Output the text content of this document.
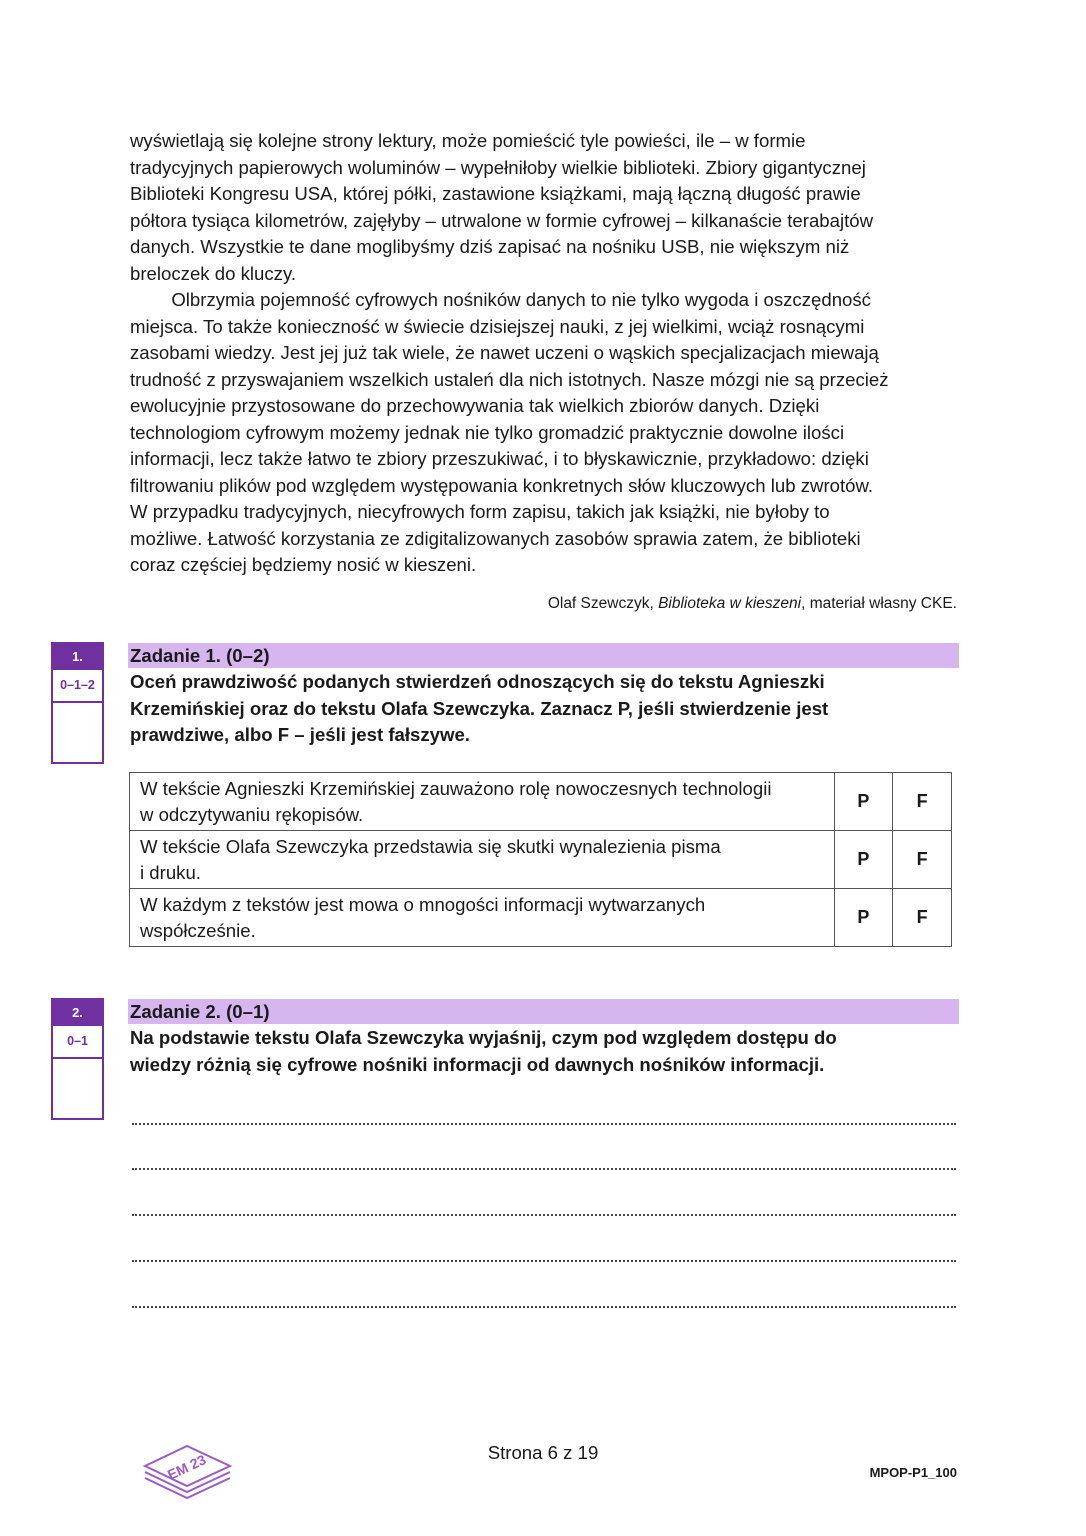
wyświetlają się kolejne strony lektury, może pomieścić tyle powieści, ile – w formie
tradycyjnych papierowych woluminów – wypełniłoby wielkie biblioteki. Zbiory gigantycznej
Biblioteki Kongresu USA, której półki, zastawione książkami, mają łączną długość prawie
półtora tysiąca kilometrów, zajęłyby – utrwalone w formie cyfrowej – kilkanaście terabajtów
danych. Wszystkie te dane moglibyśmy dziś zapisać na nośniku USB, nie większym niż
breloczek do kluczy.
Olbrzymia pojemność cyfrowych nośników danych to nie tylko wygoda i oszczędność
miejsca. To także konieczność w świecie dzisiejszej nauki, z jej wielkimi, wciąż rosnącymi
zasobami wiedzy. Jest jej już tak wiele, że nawet uczeni o wąskich specjalizacjach miewają
trudność z przyswajaniem wszelkich ustaleń dla nich istotnych. Nasze mózgi nie są przecież
ewolucyjnie przystosowane do przechowywania tak wielkich zbiorów danych. Dzięki
technologiom cyfrowym możemy jednak nie tylko gromadzić praktycznie dowolne ilości
informacji, lecz także łatwo te zbiory przeszukiwać, i to błyskawicznie, przykładowo: dzięki
filtrowaniu plików pod względem występowania konkretnych słów kluczowych lub zwrotów.
W przypadku tradycyjnych, niecyfrowych form zapisu, takich jak książki, nie byłoby to
możliwe. Łatwość korzystania ze zdigitalizowanych zasobów sprawia zatem, że biblioteki
coraz częściej będziemy nosić w kieszeni.
Olaf Szewczyk, Biblioteka w kieszeni, materiał własny CKE.
1.
0–1–2
Zadanie 1. (0–2)
Oceń prawdziwość podanych stwierdzeń odnoszących się do tekstu Agnieszki
Krzemińskiej oraz do tekstu Olafa Szewczyka. Zaznacz P, jeśli stwierdzenie jest
prawdziwe, albo F – jeśli jest fałszywe.
W tekście Agnieszki Krzemińskiej zauważono rolę nowoczesnych technologii
w odczytywaniu rękopisów.	P	F

W tekście Olafa Szewczyka przedstawia się skutki wynalezienia pisma
i druku.	P	F

W każdym z tekstów jest mowa o mnogości informacji wytwarzanych
współcześnie.	P	F
2.
0–1
Zadanie 2. (0–1)
Na podstawie tekstu Olafa Szewczyka wyjaśnij, czym pod względem dostępu do
wiedzy różnią się cyfrowe nośniki informacji od dawnych nośników informacji.
EM 23	Strona 6 z 19
MPOP-P1_100
